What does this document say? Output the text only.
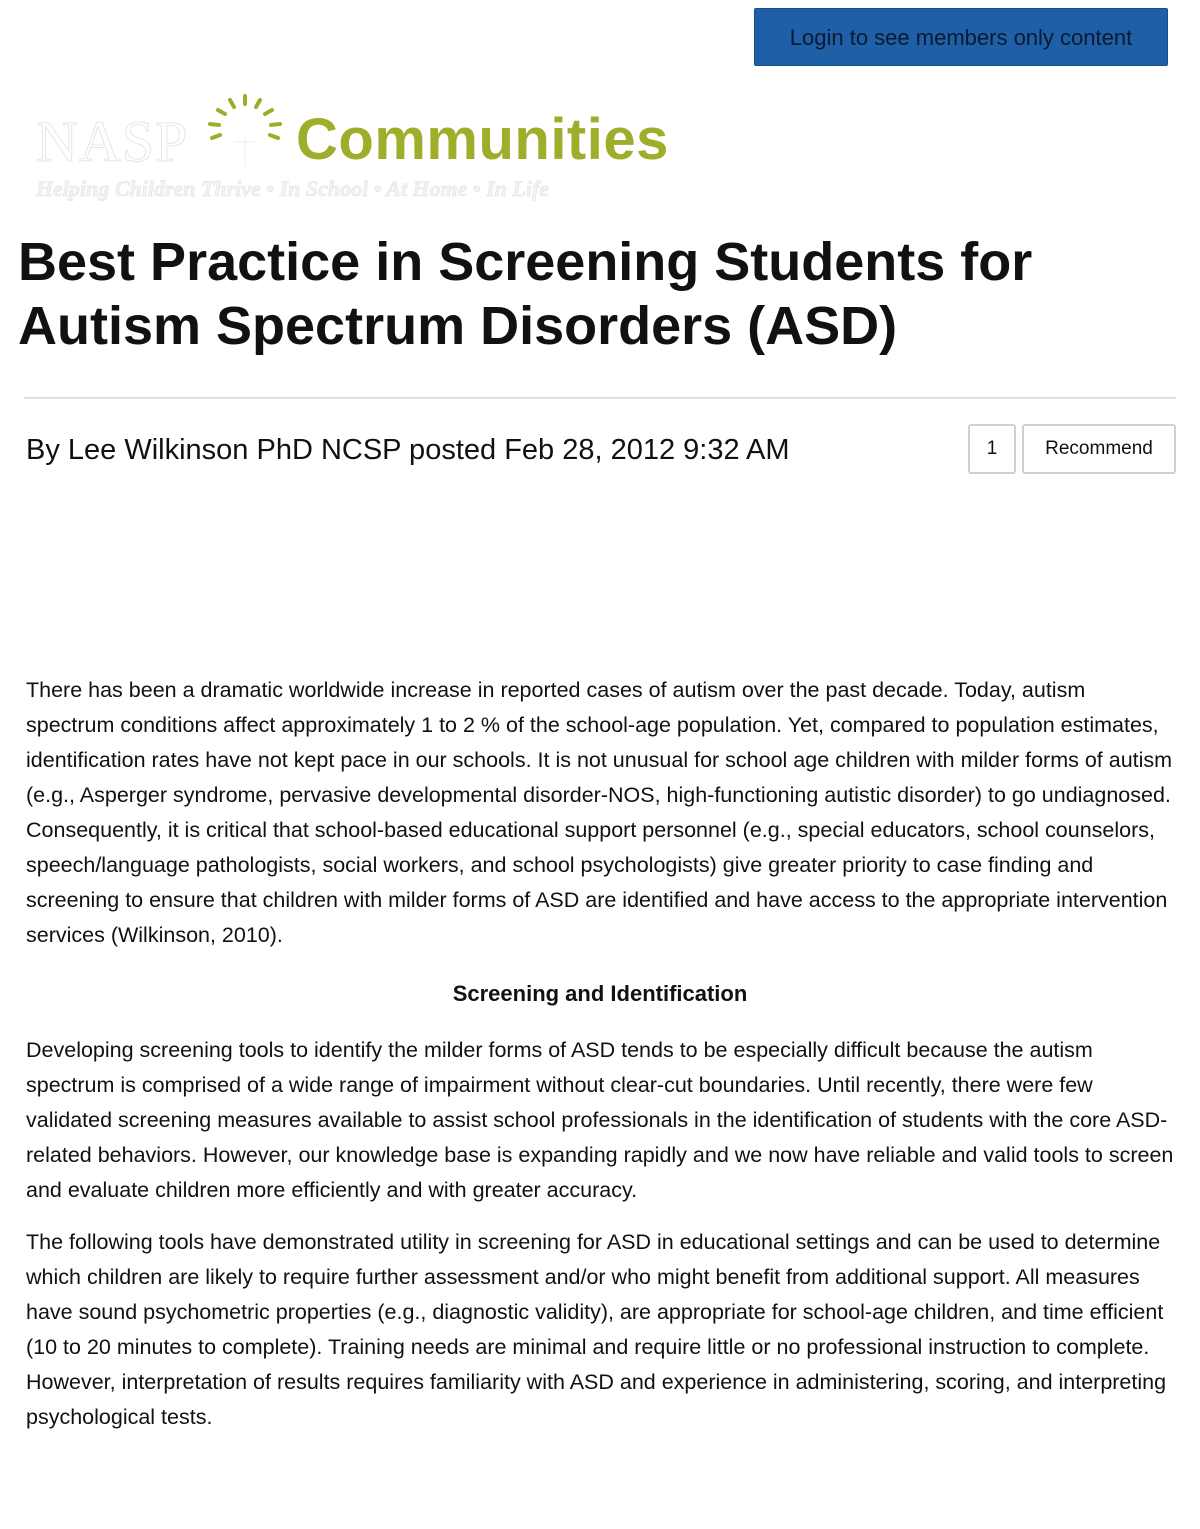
Login to see members only content
NASP Communities
Helping Children Thrive • In School • At Home • In Life
Best Practice in Screening Students for Autism Spectrum Disorders (ASD)

By Lee Wilkinson PhD NCSP posted Feb 28, 2012 9:32 AM	1	Recommend

There has been a dramatic worldwide increase in reported cases of autism over the past decade. Today, autism spectrum conditions affect approximately 1 to 2 % of the school-age population. Yet, compared to population estimates, identification rates have not kept pace in our schools. It is not unusual for school age children with milder forms of autism (e.g., Asperger syndrome, pervasive developmental disorder-NOS, high-functioning autistic disorder) to go undiagnosed. Consequently, it is critical that school-based educational support personnel (e.g., special educators, school counselors, speech/language pathologists, social workers, and school psychologists) give greater priority to case finding and screening to ensure that children with milder forms of ASD are identified and have access to the appropriate intervention services (Wilkinson, 2010).

Screening and Identification

Developing screening tools to identify the milder forms of ASD tends to be especially difficult because the autism spectrum is comprised of a wide range of impairment without clear-cut boundaries. Until recently, there were few validated screening measures available to assist school professionals in the identification of students with the core ASD-related behaviors. However, our knowledge base is expanding rapidly and we now have reliable and valid tools to screen and evaluate children more efficiently and with greater accuracy.

The following tools have demonstrated utility in screening for ASD in educational settings and can be used to determine which children are likely to require further assessment and/or who might benefit from additional support. All measures have sound psychometric properties (e.g., diagnostic validity), are appropriate for school-age children, and time efficient (10 to 20 minutes to complete). Training needs are minimal and require little or no professional instruction to complete. However, interpretation of results requires familiarity with ASD and experience in administering, scoring, and interpreting psychological tests.
